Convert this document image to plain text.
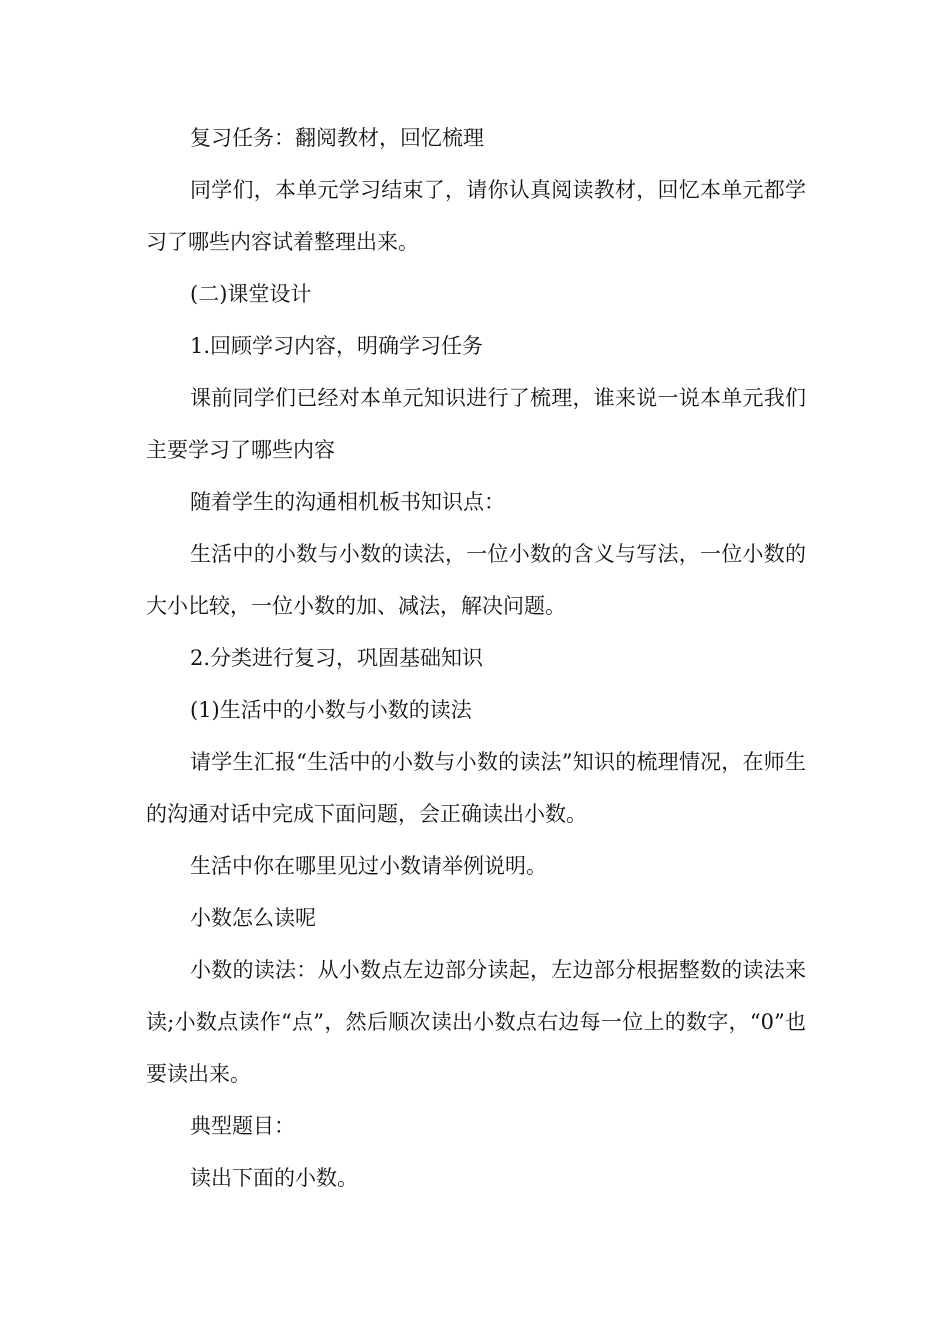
复习任务：翻阅教材，回忆梳理

同学们，本单元学习结束了，请你认真阅读教材，回忆本单元都学习了哪些内容试着整理出来。

(二)课堂设计

1.回顾学习内容，明确学习任务

课前同学们已经对本单元知识进行了梳理，谁来说一说本单元我们主要学习了哪些内容

随着学生的沟通相机板书知识点：

生活中的小数与小数的读法，一位小数的含义与写法，一位小数的大小比较，一位小数的加、减法，解决问题。

2.分类进行复习，巩固基础知识

(1)生活中的小数与小数的读法

请学生汇报“生活中的小数与小数的读法”知识的梳理情况，在师生的沟通对话中完成下面问题，会正确读出小数。

生活中你在哪里见过小数请举例说明。

小数怎么读呢

小数的读法：从小数点左边部分读起，左边部分根据整数的读法来读;小数点读作“点”，然后顺次读出小数点右边每一位上的数字，“0”也要读出来。

典型题目：

读出下面的小数。
